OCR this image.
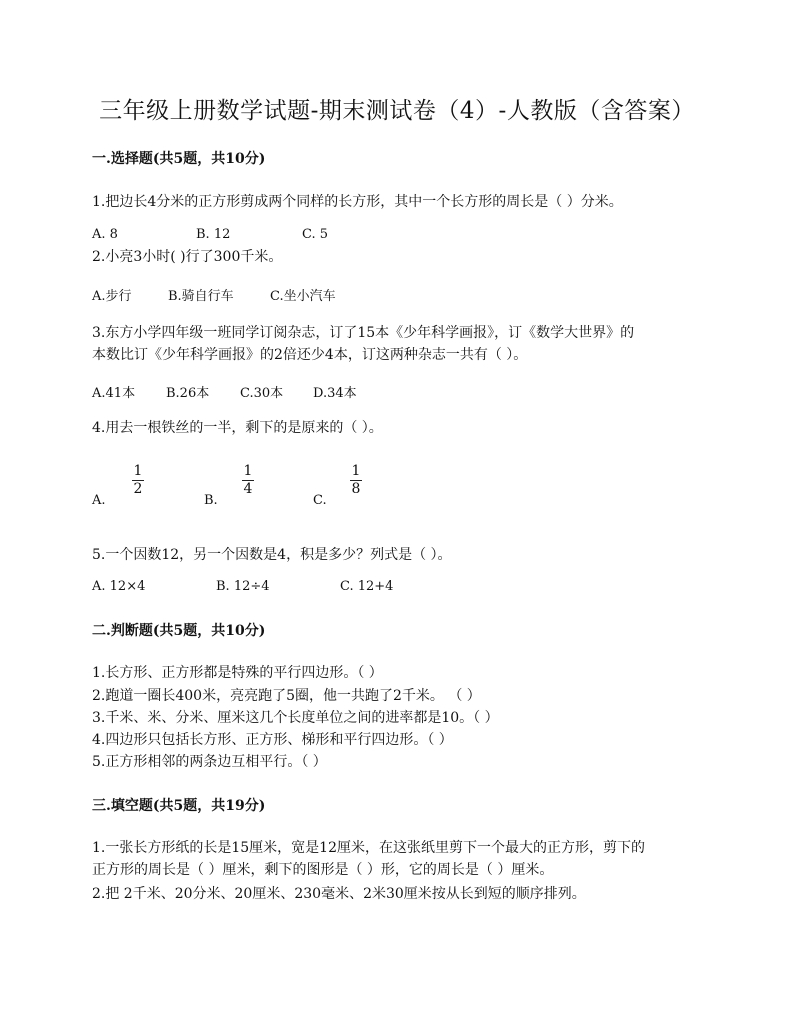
三年级上册数学试题-期末测试卷（4）-人教版（含答案）
一.选择题(共5题，共10分)
1.把边长4分米的正方形剪成两个同样的长方形，其中一个长方形的周长是（ ）分米。
A. 8	B. 12	C. 5
2.小亮3小时( )行了300千米。
A.步行	B.骑自行车	C.坐小汽车
3.东方小学四年级一班同学订阅杂志，订了15本《少年科学画报》，订《数学大世界》的
本数比订《少年科学画报》的2倍还少4本，订这两种杂志一共有（ ）。
A.41本 B.26本 C.30本 D.34本
4.用去一根铁丝的一半，剩下的是原来的（ ）。
A.
1
2
B.
1
4
C.
1
8
5.一个因数12，另一个因数是4，积是多少？列式是（ ）。
A. 12×4	B. 12÷4	C. 12+4
二.判断题(共5题，共10分)
1.长方形、正方形都是特殊的平行四边形。（ ）
2.跑道一圈长400米，亮亮跑了5圈，他一共跑了2千米。 （ ）
3.千米、米、分米、厘米这几个长度单位之间的进率都是10。（ ）
4.四边形只包括长方形、正方形、梯形和平行四边形。（ ）
5.正方形相邻的两条边互相平行。（ ）
三.填空题(共5题，共19分)
1.一张长方形纸的长是15厘米，宽是12厘米，在这张纸里剪下一个最大的正方形，剪下的
正方形的周长是（ ）厘米，剩下的图形是（ ）形，它的周长是（ ）厘米。
2.把 2千米、20分米、20厘米、230毫米、2米30厘米按从长到短的顺序排列。
